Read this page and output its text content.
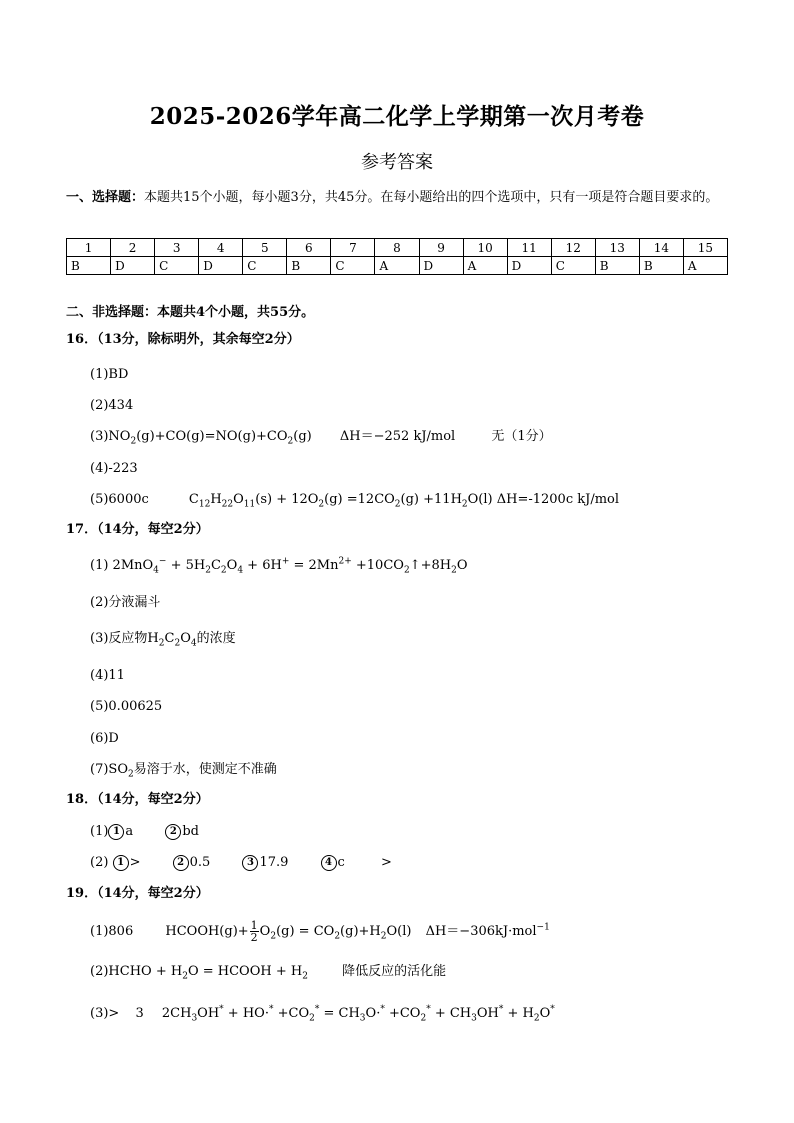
2025-2026学年高二化学上学期第一次月考卷
参考答案
一、选择题：本题共15个小题，每小题3分，共45分。在每小题给出的四个选项中，只有一项是符合题目要求的。
1	2	3	4	5	6	7	8	9	10	11	12	13	14	15
B	D	C	D	C	B	C	A	D	A	D	C	B	B	A
二、非选择题：本题共4个小题，共55分。
16．（13分，除标明外，其余每空2分）
(1)BD
(2)434
$(3)NO_2(g)+CO(g)=NO(g)+CO_2(g)$ ΔH＝−252 kJ/mol	无（1分）
(4)-223
(5)6000c	$C_{12}H_{22}O_{11}(s) + 12O_2(g) =12CO_2(g) +11H_2O(l)$ ΔH=-1200c kJ/mol
17．（14分，每空2分）
(1) $2MnO_4^- + 5H_2C_2O_4 + 6H^+ = 2Mn^{2+}$ $+10CO_2↑+8H_2O$
(2)分液漏斗
(3)反应物$H_2C_2O_4$的浓度
(4)11
(5)0.00625
(6)D
$(7)SO_2$易溶于水，使测定不准确
18．（14分，每空2分）
(1) 1 a	2 bd
(2) 1 >	2 0.5	3 17.9	4 c	>
19．（14分，每空2分）
(1)806 HCOOH(g)+ $\frac{1}{2} O_2(g) = CO_2(g)+H_2O(l)$ ΔH＝−306kJ·mol$^{-1}$
(2)HCHO + $H_2O$ = HCOOH + $H_2$	降低反应的活化能
(3)> 3 $2CH_3OH^* + HO\cdot^* +CO_2^* = CH_3O\cdot^* +CO_2^* + CH_3OH^* + H_2O^*$
